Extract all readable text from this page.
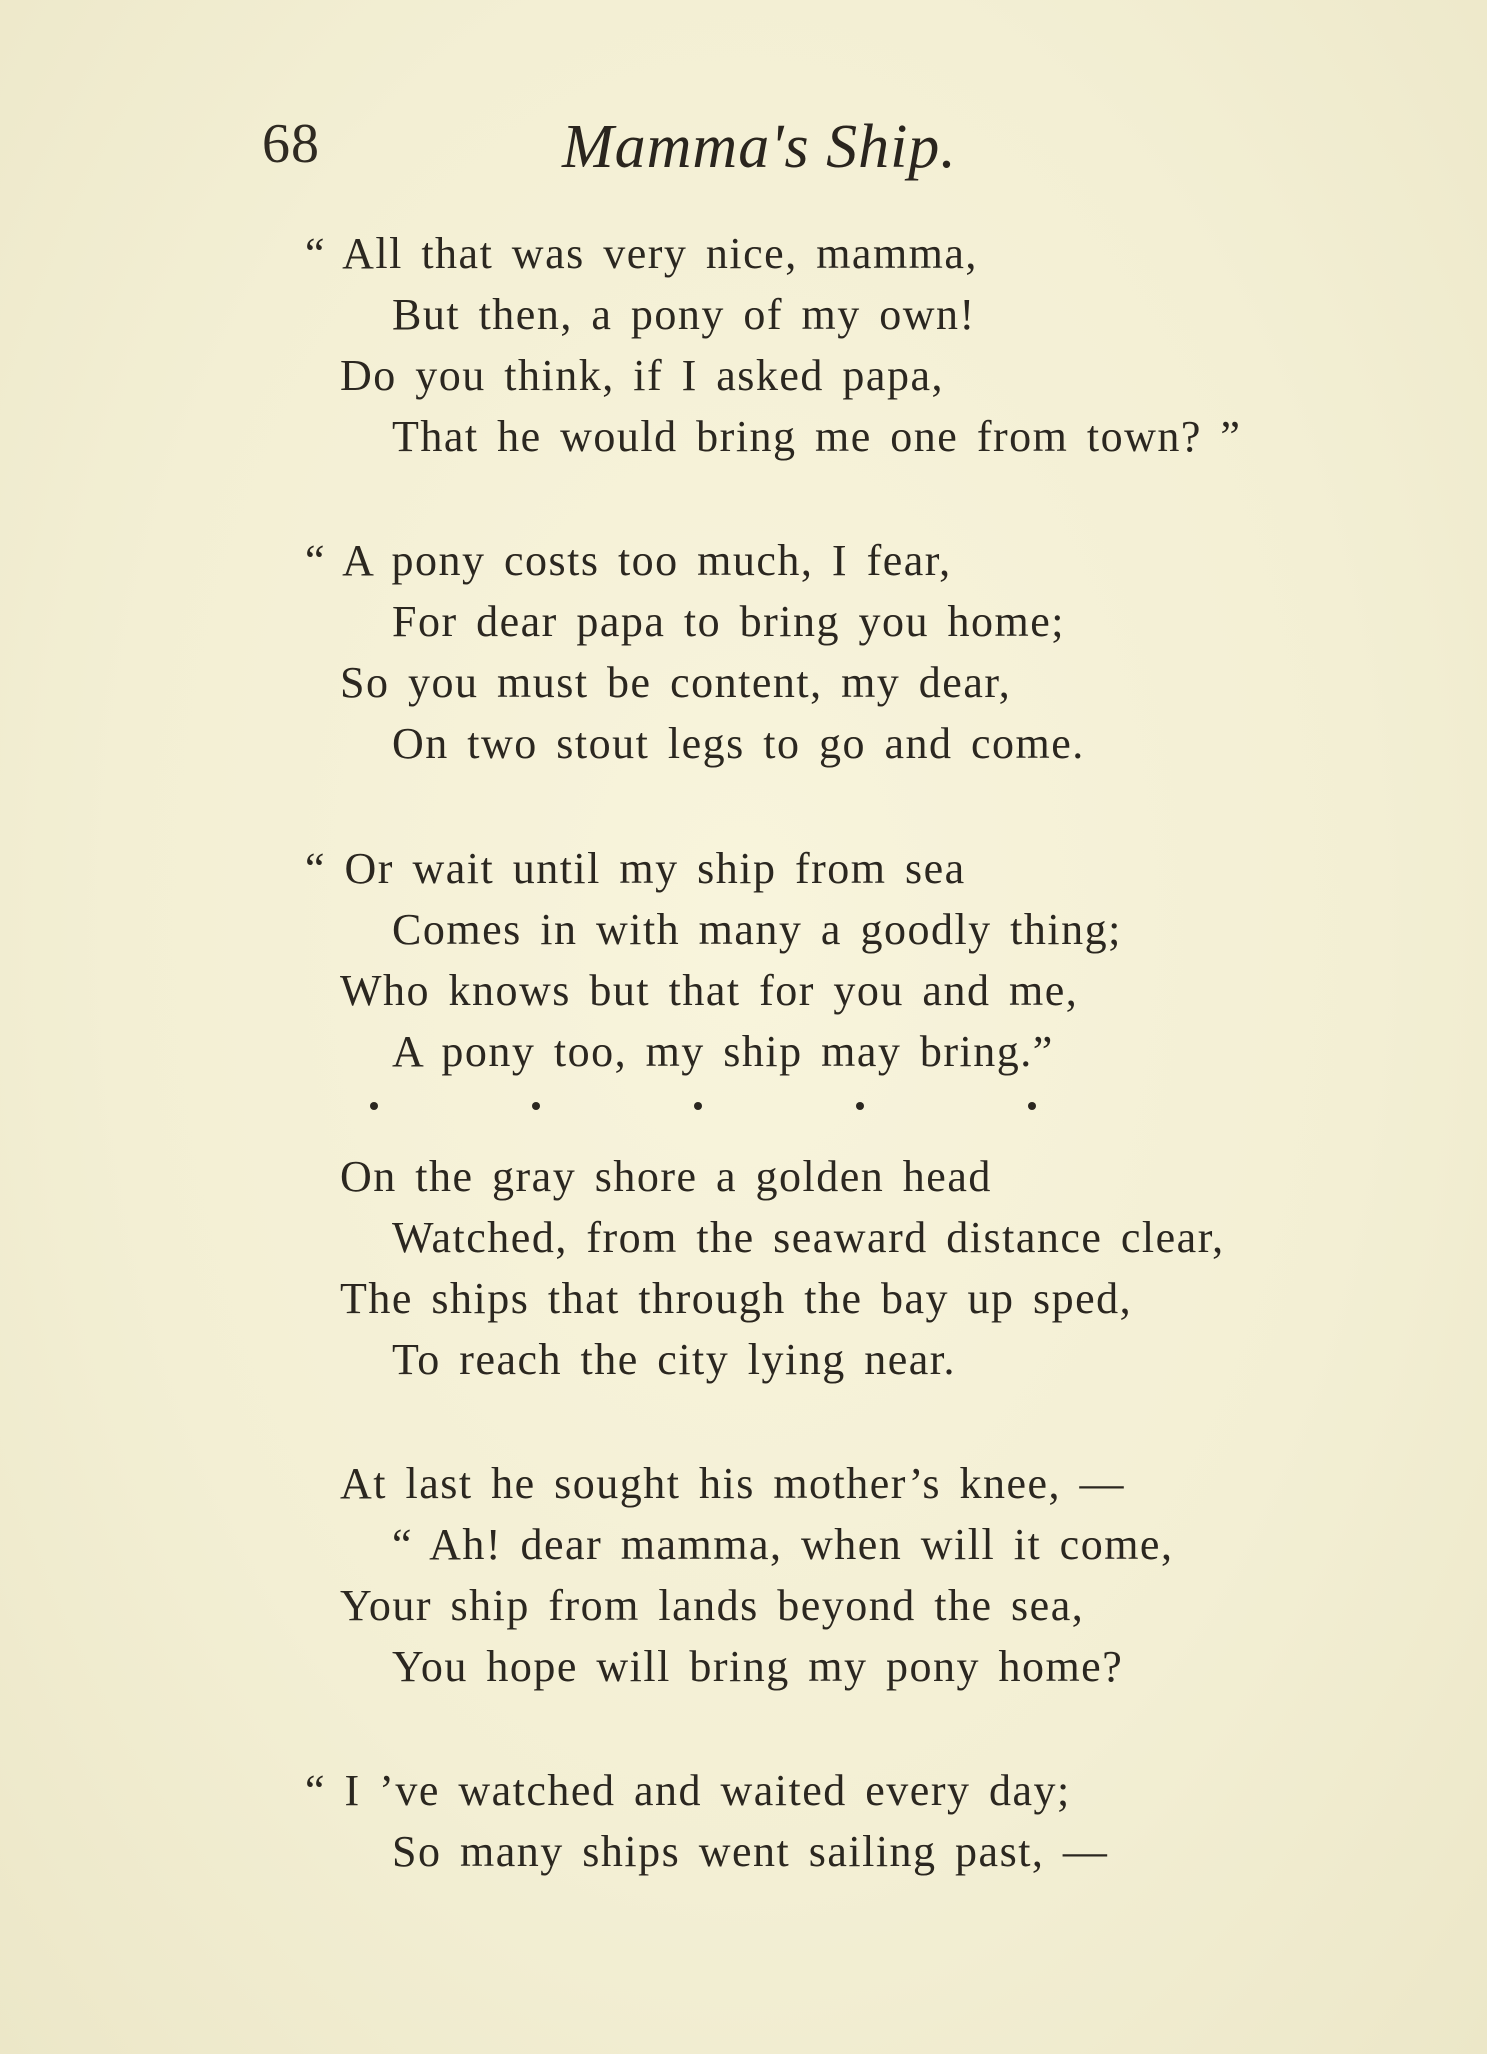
68	Mamma's Ship.
“ All that was very nice, mamma,
But then, a pony of my own!
Do you think, if I asked papa,
That he would bring me one from town? ”
“ A pony costs too much, I fear,
For dear papa to bring you home;
So you must be content, my dear,
On two stout legs to go and come.
“ Or wait until my ship from sea
Comes in with many a goodly thing;
Who knows but that for you and me,
A pony too, my ship may bring.”
On the gray shore a golden head
Watched, from the seaward distance clear,
The ships that through the bay up sped,
To reach the city lying near.
At last he sought his mother’s knee, —
“ Ah! dear mamma, when will it come,
Your ship from lands beyond the sea,
You hope will bring my pony home?
“ I ’ve watched and waited every day;
So many ships went sailing past, —
